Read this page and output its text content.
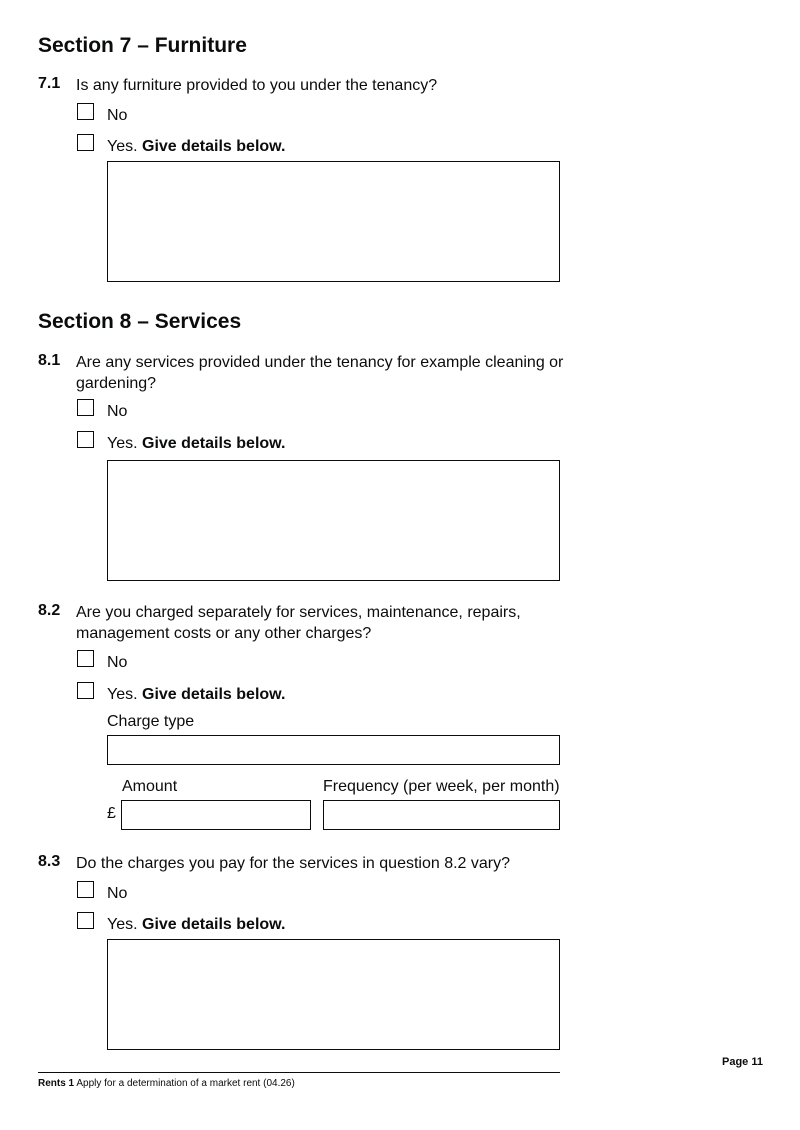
Section 7 – Furniture
7.1 Is any furniture provided to you under the tenancy?
No
Yes. Give details below.
Section 8 – Services
8.1 Are any services provided under the tenancy for example cleaning or gardening?
No
Yes. Give details below.
8.2 Are you charged separately for services, maintenance, repairs, management costs or any other charges?
No
Yes. Give details below.
Charge type
Amount	Frequency (per week, per month)
£
8.3 Do the charges you pay for the services in question 8.2 vary?
No
Yes. Give details below.
Page 11
Rents 1 Apply for a determination of a market rent (04.26)
